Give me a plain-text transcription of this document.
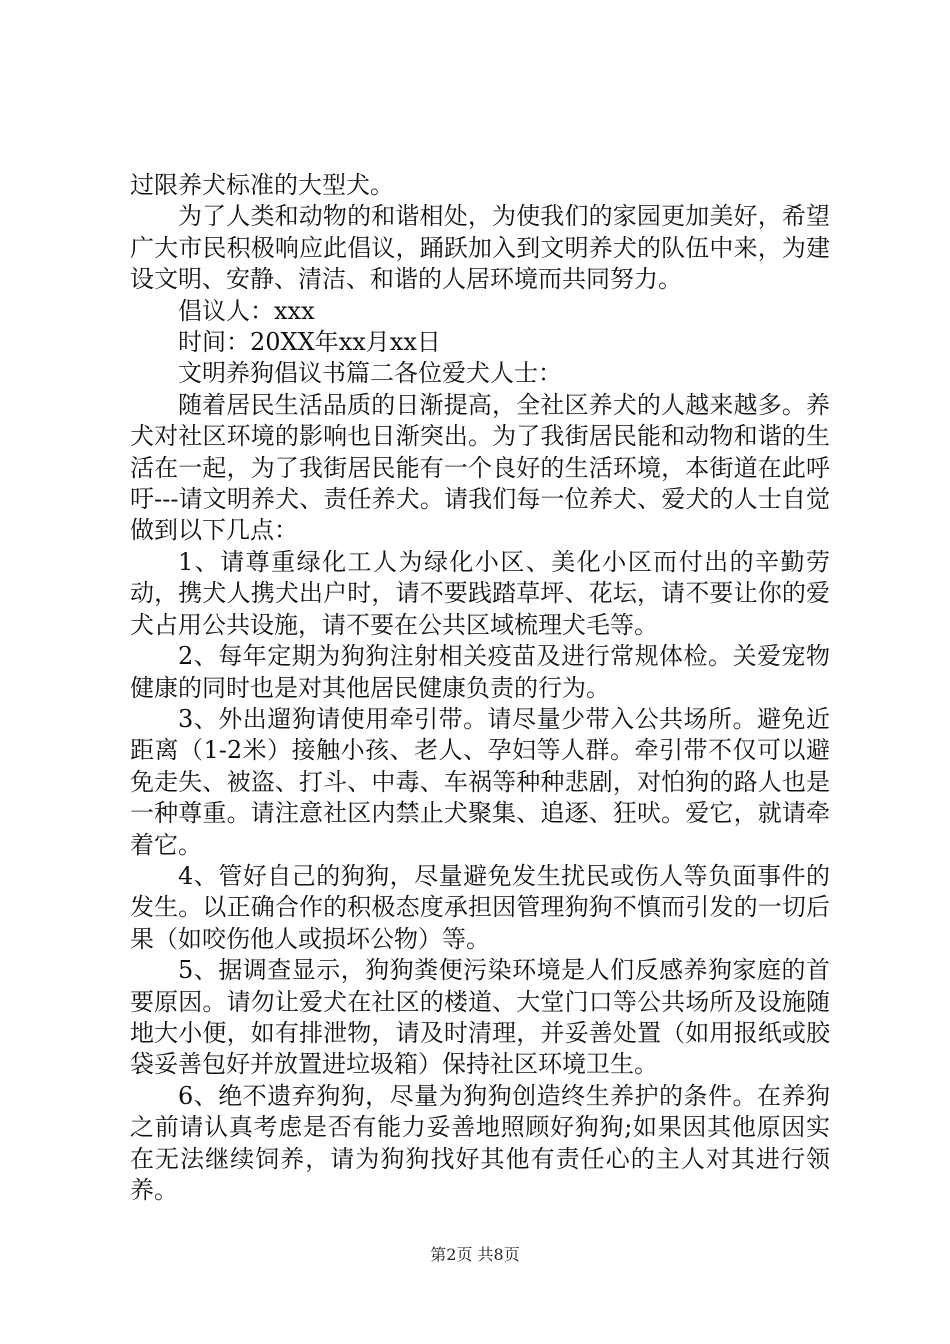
过限养犬标准的大型犬。

为了人类和动物的和谐相处，为使我们的家园更加美好，希望广大市民积极响应此倡议，踊跃加入到文明养犬的队伍中来，为建设文明、安静、清洁、和谐的人居环境而共同努力。

倡议人：xxx

时间：20XX年xx月xx日

文明养狗倡议书篇二各位爱犬人士：

随着居民生活品质的日渐提高，全社区养犬的人越来越多。养犬对社区环境的影响也日渐突出。为了我街居民能和动物和谐的生活在一起，为了我街居民能有一个良好的生活环境，本街道在此呼吁---请文明养犬、责任养犬。请我们每一位养犬、爱犬的人士自觉做到以下几点：

1、请尊重绿化工人为绿化小区、美化小区而付出的辛勤劳动，携犬人携犬出户时，请不要践踏草坪、花坛，请不要让你的爱犬占用公共设施，请不要在公共区域梳理犬毛等。

2、每年定期为狗狗注射相关疫苗及进行常规体检。关爱宠物健康的同时也是对其他居民健康负责的行为。

3、外出遛狗请使用牵引带。请尽量少带入公共场所。避免近距离（1-2米）接触小孩、老人、孕妇等人群。牵引带不仅可以避免走失、被盗、打斗、中毒、车祸等种种悲剧，对怕狗的路人也是一种尊重。请注意社区内禁止犬聚集、追逐、狂吠。爱它，就请牵着它。

4、管好自己的狗狗，尽量避免发生扰民或伤人等负面事件的发生。以正确合作的积极态度承担因管理狗狗不慎而引发的一切后果（如咬伤他人或损坏公物）等。

5、据调查显示，狗狗粪便污染环境是人们反感养狗家庭的首要原因。请勿让爱犬在社区的楼道、大堂门口等公共场所及设施随地大小便，如有排泄物，请及时清理，并妥善处置（如用报纸或胶袋妥善包好并放置进垃圾箱）保持社区环境卫生。

6、绝不遗弃狗狗，尽量为狗狗创造终生养护的条件。在养狗之前请认真考虑是否有能力妥善地照顾好狗狗;如果因其他原因实在无法继续饲养，请为狗狗找好其他有责任心的主人对其进行领养。

第2页 共8页
